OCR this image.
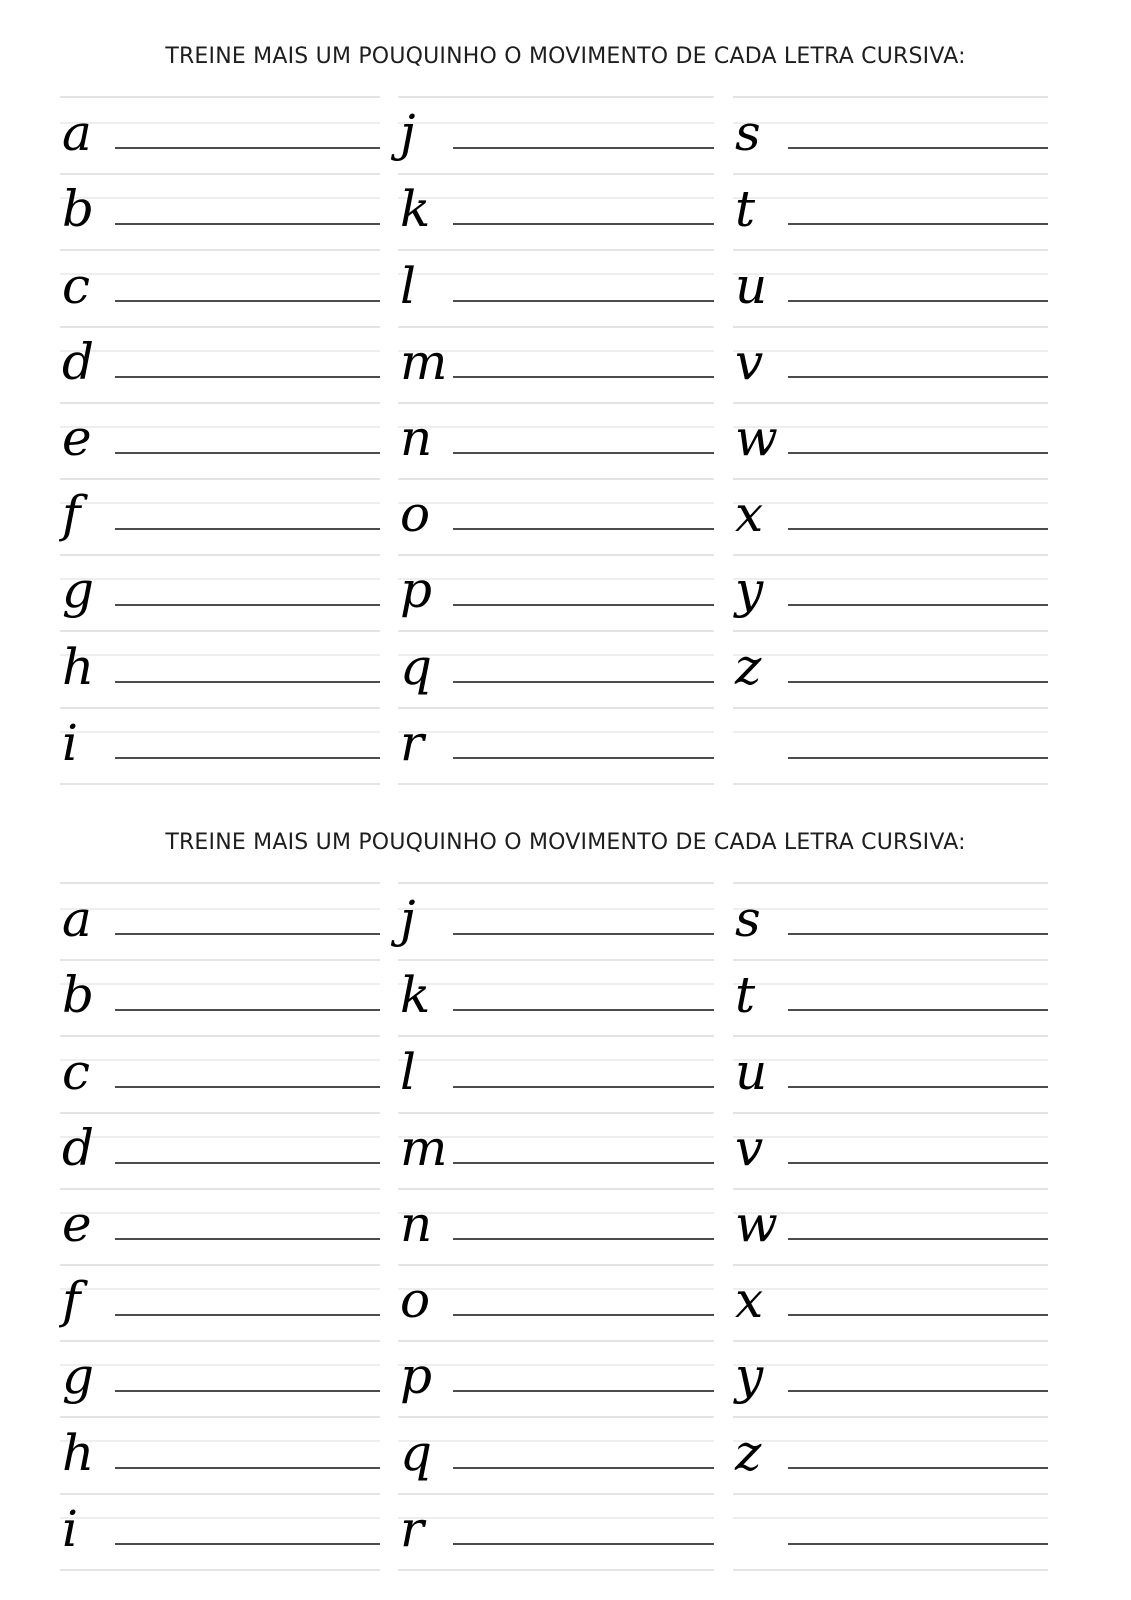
TREINE MAIS UM POUQUINHO O MOVIMENTO DE CADA LETRA CURSIVA:
a
b
c
d
e
f
g
h
i
j
k
l
m
n
o
p
q
r
s
t
u
v
w
x
y
z
TREINE MAIS UM POUQUINHO O MOVIMENTO DE CADA LETRA CURSIVA:
a
b
c
d
e
f
g
h
i
j
k
l
m
n
o
p
q
r
s
t
u
v
w
x
y
z
